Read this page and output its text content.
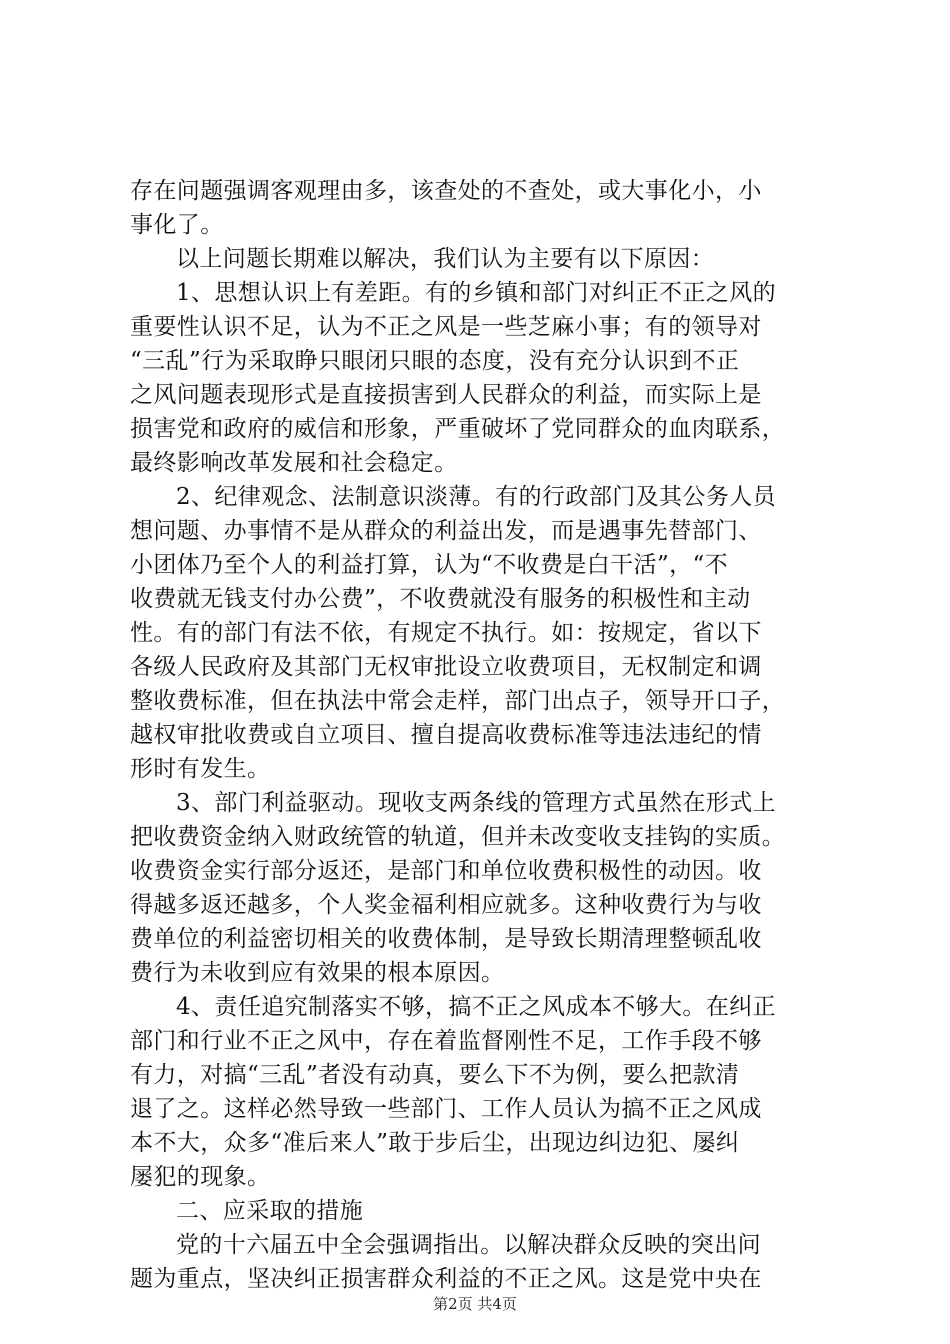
存在问题强调客观理由多，该查处的不查处，或大事化小，小
事化了。
以上问题长期难以解决，我们认为主要有以下原因：
1、思想认识上有差距。有的乡镇和部门对纠正不正之风的
重要性认识不足，认为不正之风是一些芝麻小事；有的领导对
“三乱”行为采取睁只眼闭只眼的态度，没有充分认识到不正
之风问题表现形式是直接损害到人民群众的利益，而实际上是
损害党和政府的威信和形象，严重破坏了党同群众的血肉联系，
最终影响改革发展和社会稳定。
2、纪律观念、法制意识淡薄。有的行政部门及其公务人员
想问题、办事情不是从群众的利益出发，而是遇事先替部门、
小团体乃至个人的利益打算，认为“不收费是白干活”，“不
收费就无钱支付办公费”，不收费就没有服务的积极性和主动
性。有的部门有法不依，有规定不执行。如：按规定，省以下
各级人民政府及其部门无权审批设立收费项目，无权制定和调
整收费标准，但在执法中常会走样，部门出点子，领导开口子，
越权审批收费或自立项目、擅自提高收费标准等违法违纪的情
形时有发生。
3、部门利益驱动。现收支两条线的管理方式虽然在形式上
把收费资金纳入财政统管的轨道，但并未改变收支挂钩的实质。
收费资金实行部分返还，是部门和单位收费积极性的动因。收
得越多返还越多，个人奖金福利相应就多。这种收费行为与收
费单位的利益密切相关的收费体制，是导致长期清理整顿乱收
费行为未收到应有效果的根本原因。
4、责任追究制落实不够，搞不正之风成本不够大。在纠正
部门和行业不正之风中，存在着监督刚性不足，工作手段不够
有力，对搞“三乱”者没有动真，要么下不为例，要么把款清
退了之。这样必然导致一些部门、工作人员认为搞不正之风成
本不大，众多“准后来人”敢于步后尘，出现边纠边犯、屡纠
屡犯的现象。
二、应采取的措施
党的十六届五中全会强调指出。以解决群众反映的突出问
题为重点，坚决纠正损害群众利益的不正之风。这是党中央在
第2页 共4页
